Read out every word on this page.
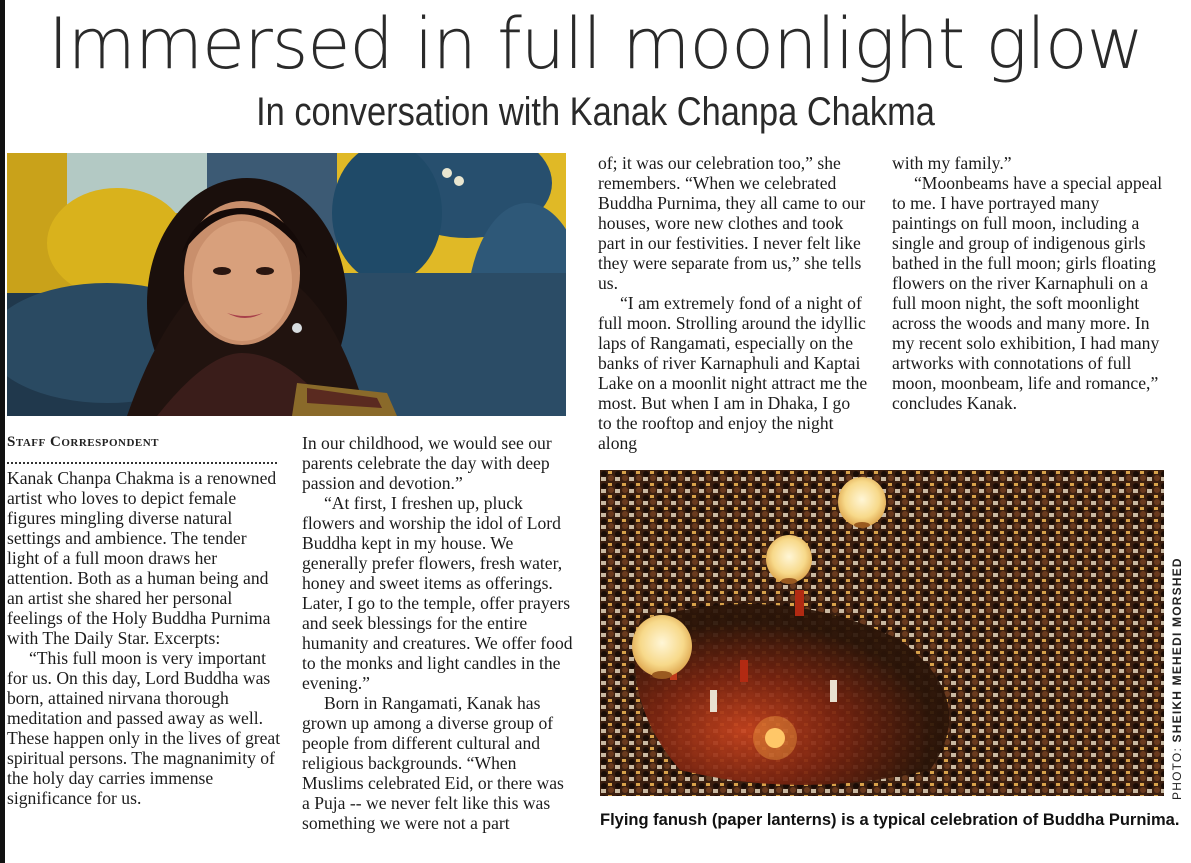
Immersed in full moonlight glow
In conversation with Kanak Chanpa Chakma
Staff Correspondent

Kanak Chanpa Chakma is a renowned artist who loves to depict female figures mingling diverse natural settings and ambience. The tender light of a full moon draws her attention. Both as a human being and an artist she shared her personal feelings of the Holy Buddha Purnima with The Daily Star. Excerpts:

“This full moon is very important for us. On this day, Lord Buddha was born, attained nirvana thorough meditation and passed away as well. These happen only in the lives of great spiritual persons. The magnanimity of the holy day carries immense significance for us.

In our childhood, we would see our parents celebrate the day with deep passion and devotion.”

“At first, I freshen up, pluck flowers and worship the idol of Lord Buddha kept in my house. We generally prefer flowers, fresh water, honey and sweet items as offerings. Later, I go to the temple, offer prayers and seek blessings for the entire humanity and creatures. We offer food to the monks and light candles in the evening.”

Born in Rangamati, Kanak has grown up among a diverse group of people from different cultural and religious backgrounds. “When Muslims celebrated Eid, or there was a Puja -- we never felt like this was something we were not a part

of; it was our celebration too,” she remembers. “When we celebrated Buddha Purnima, they all came to our houses, wore new clothes and took part in our festivities. I never felt like they were separate from us,” she tells us.

“I am extremely fond of a night of full moon. Strolling around the idyllic laps of Rangamati, especially on the banks of river Karnaphuli and Kaptai Lake on a moonlit night attract me the most. But when I am in Dhaka, I go to the rooftop and enjoy the night along

with my family.”

“Moonbeams have a special appeal to me. I have portrayed many paintings on full moon, including a single and group of indigenous girls bathed in the full moon; girls floating flowers on the river Karnaphuli on a full moon night, the soft moonlight across the woods and many more. In my recent solo exhibition, I had many artworks with connotations of full moon, moonbeam, life and romance,” concludes Kanak.

Flying fanush (paper lanterns) is a typical celebration of Buddha Purnima.
PHOTO: SHEIKH MEHEDI MORSHED
